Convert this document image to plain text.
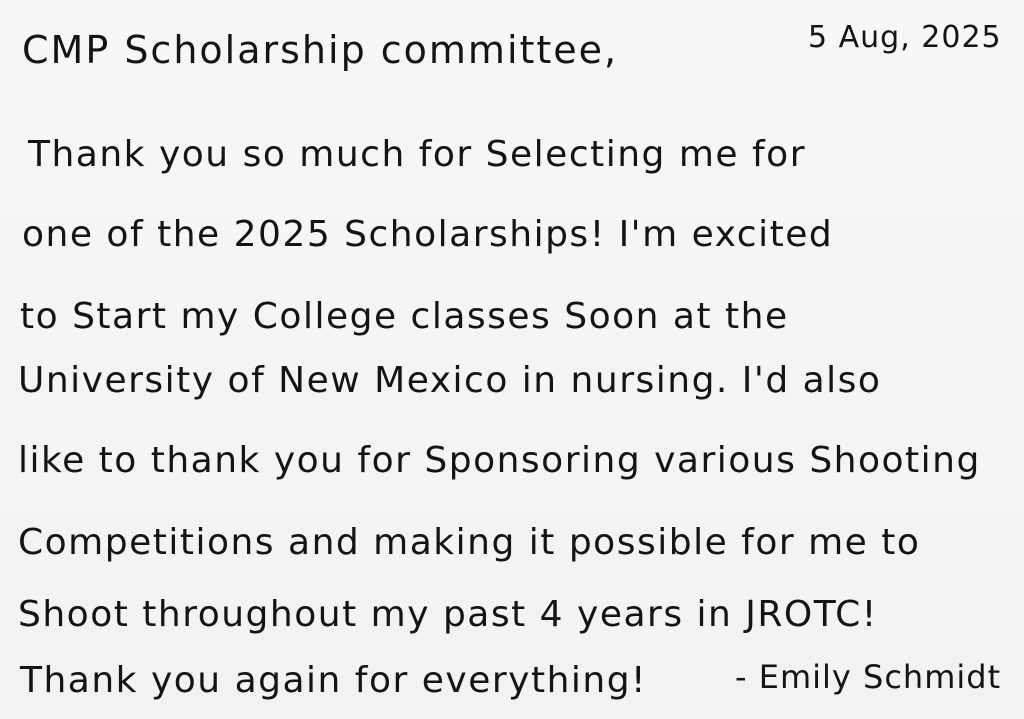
CMP Scholarship committee,	5 Aug, 2025
Thank you so much for Selecting me for
one of the 2025 Scholarships! I'm excited
to Start my College classes Soon at the
University of New Mexico in nursing. I'd also
like to thank you for Sponsoring various Shooting
Competitions and making it possible for me to
Shoot throughout my past 4 years in JROTC!
Thank you again for everything!	- Emily Schmidt
